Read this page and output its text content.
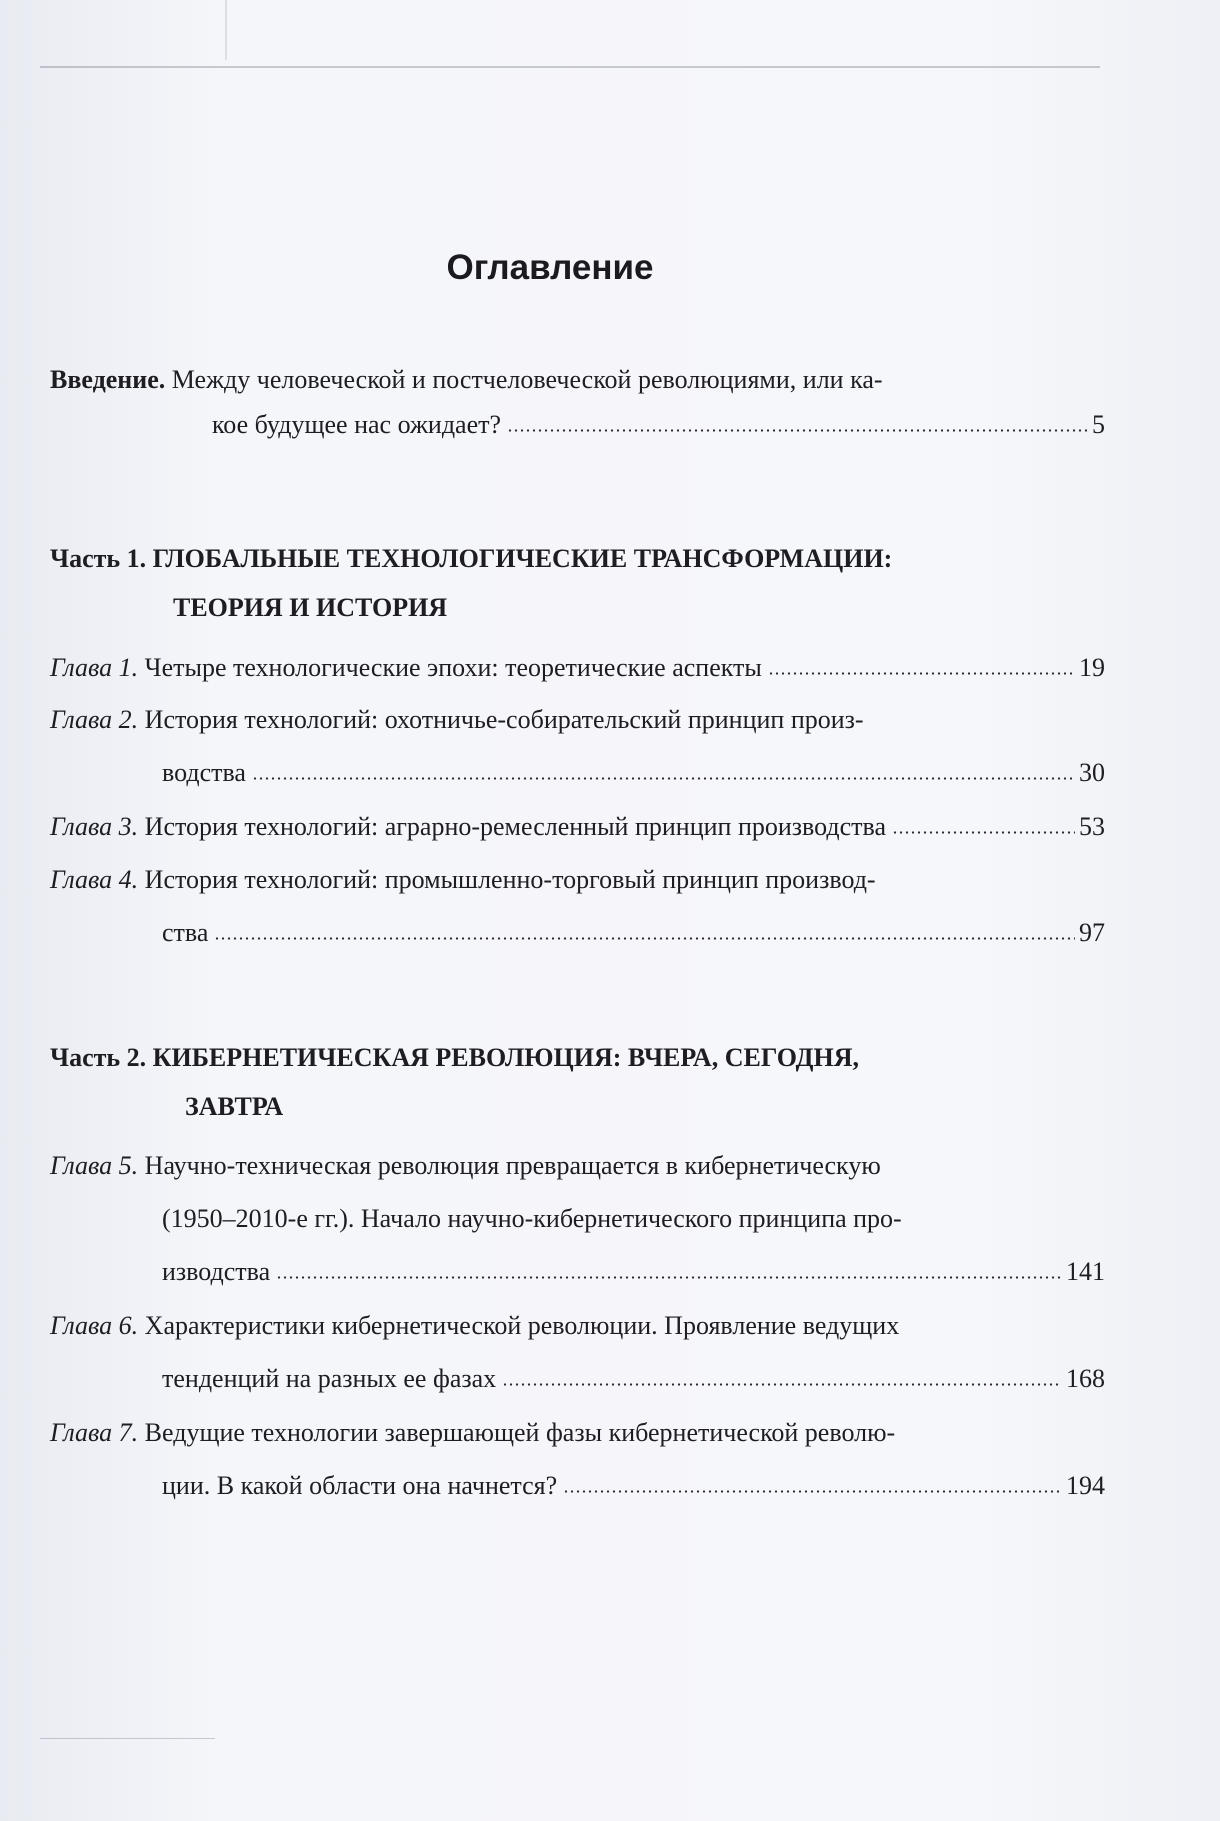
Оглавление
Введение. Между человеческой и постчеловеческой революциями, или ка-
кое будущее нас ожидает?	5
Часть 1. ГЛОБАЛЬНЫЕ ТЕХНОЛОГИЧЕСКИЕ ТРАНСФОРМАЦИИ:
ТЕОРИЯ И ИСТОРИЯ
Глава 1. Четыре технологические эпохи: теоретические аспекты	19
Глава 2. История технологий: охотничье-собирательский принцип произ-
водства	30
Глава 3. История технологий: аграрно-ремесленный принцип производства	53
Глава 4. История технологий: промышленно-торговый принцип производ-
ства	97
Часть 2. КИБЕРНЕТИЧЕСКАЯ РЕВОЛЮЦИЯ: ВЧЕРА, СЕГОДНЯ,
ЗАВТРА
Глава 5. Научно-техническая революция превращается в кибернетическую
(1950–2010-е гг.). Начало научно-кибернетического принципа про-
изводства	141
Глава 6. Характеристики кибернетической революции. Проявление ведущих
тенденций на разных ее фазах	168
Глава 7. Ведущие технологии завершающей фазы кибернетической револю-
ции. В какой области она начнется?	194
